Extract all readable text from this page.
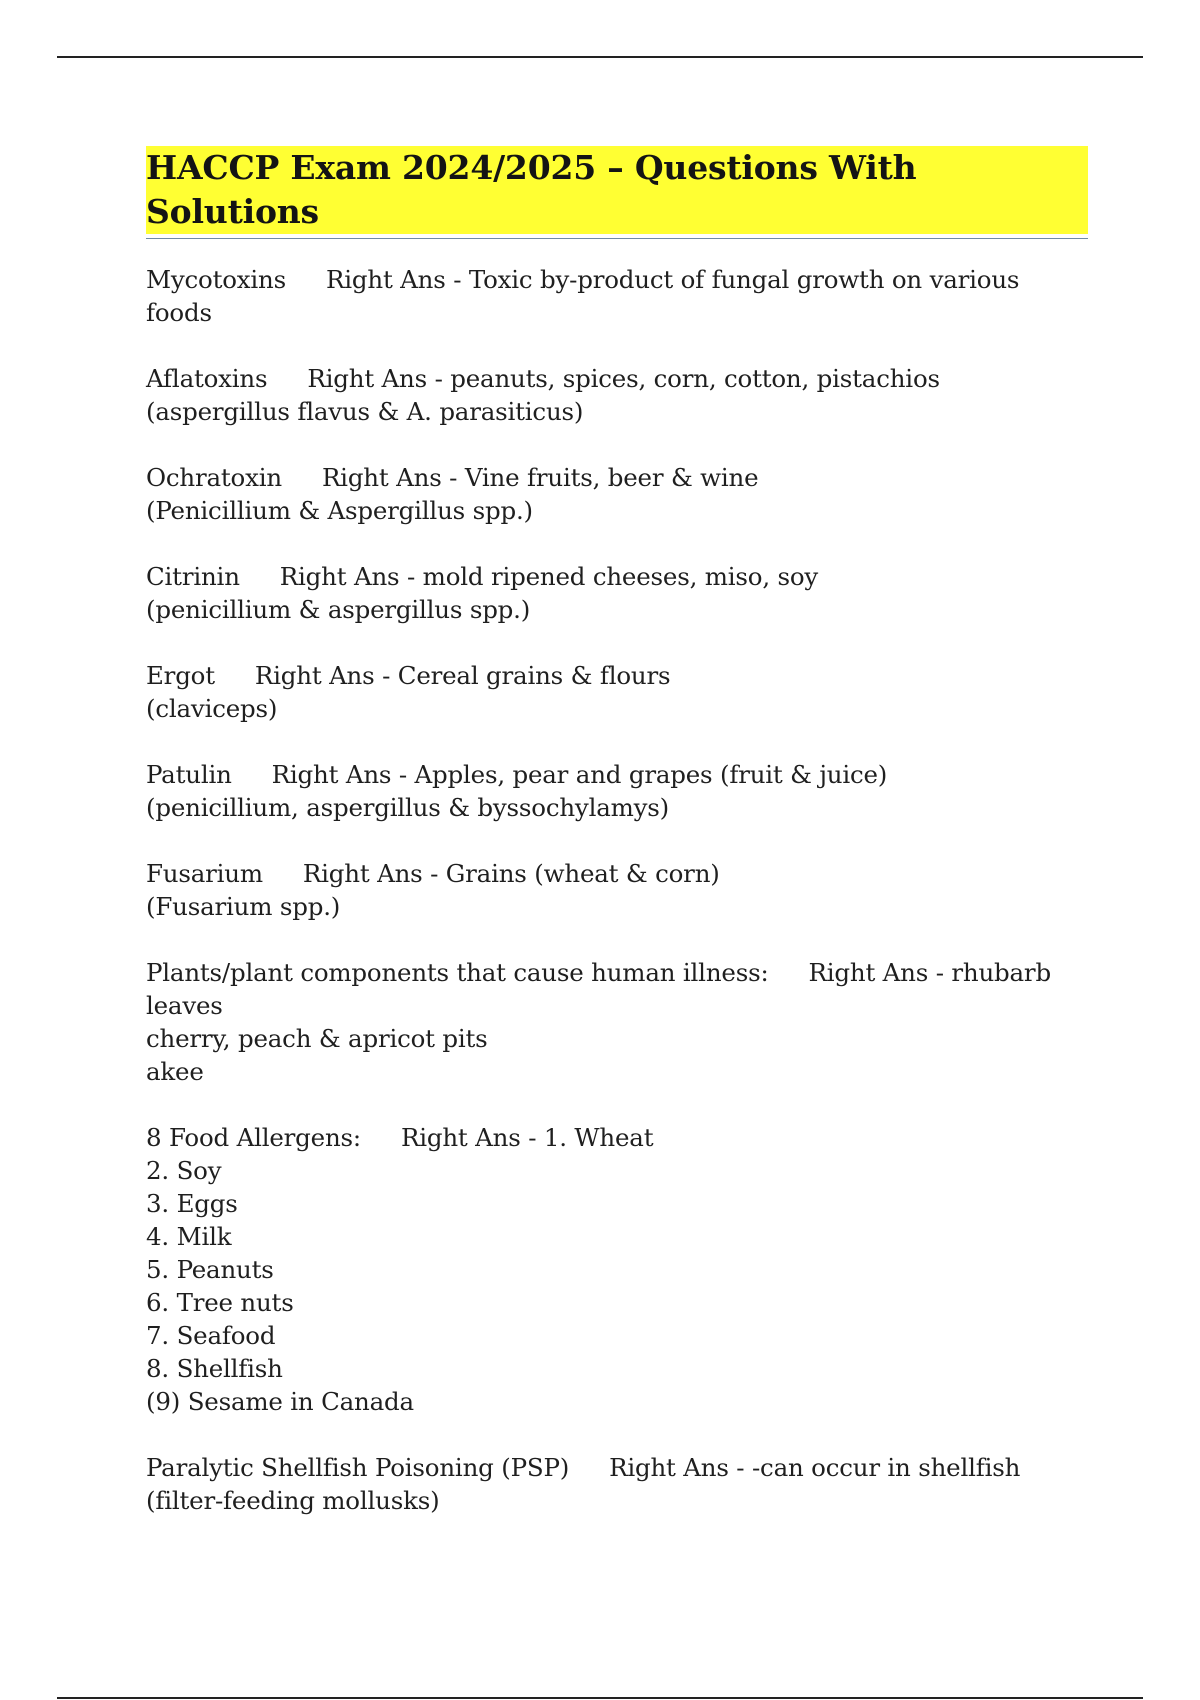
HACCP Exam 2024/2025 – Questions With Solutions
Mycotoxins Right Ans - Toxic by-product of fungal growth on various foods
Aflatoxins Right Ans - peanuts, spices, corn, cotton, pistachios (aspergillus flavus & A. parasiticus)
Ochratoxin Right Ans - Vine fruits, beer & wine
(Penicillium & Aspergillus spp.)
Citrinin Right Ans - mold ripened cheeses, miso, soy
(penicillium & aspergillus spp.)
Ergot Right Ans - Cereal grains & flours
(claviceps)
Patulin Right Ans - Apples, pear and grapes (fruit & juice)
(penicillium, aspergillus & byssochylamys)
Fusarium Right Ans - Grains (wheat & corn)
(Fusarium spp.)
Plants/plant components that cause human illness: Right Ans - rhubarb leaves
cherry, peach & apricot pits
akee
8 Food Allergens: Right Ans - 1. Wheat
2. Soy
3. Eggs
4. Milk
5. Peanuts
6. Tree nuts
7. Seafood
8. Shellfish
(9) Sesame in Canada
Paralytic Shellfish Poisoning (PSP) Right Ans - -can occur in shellfish
(filter-feeding mollusks)
